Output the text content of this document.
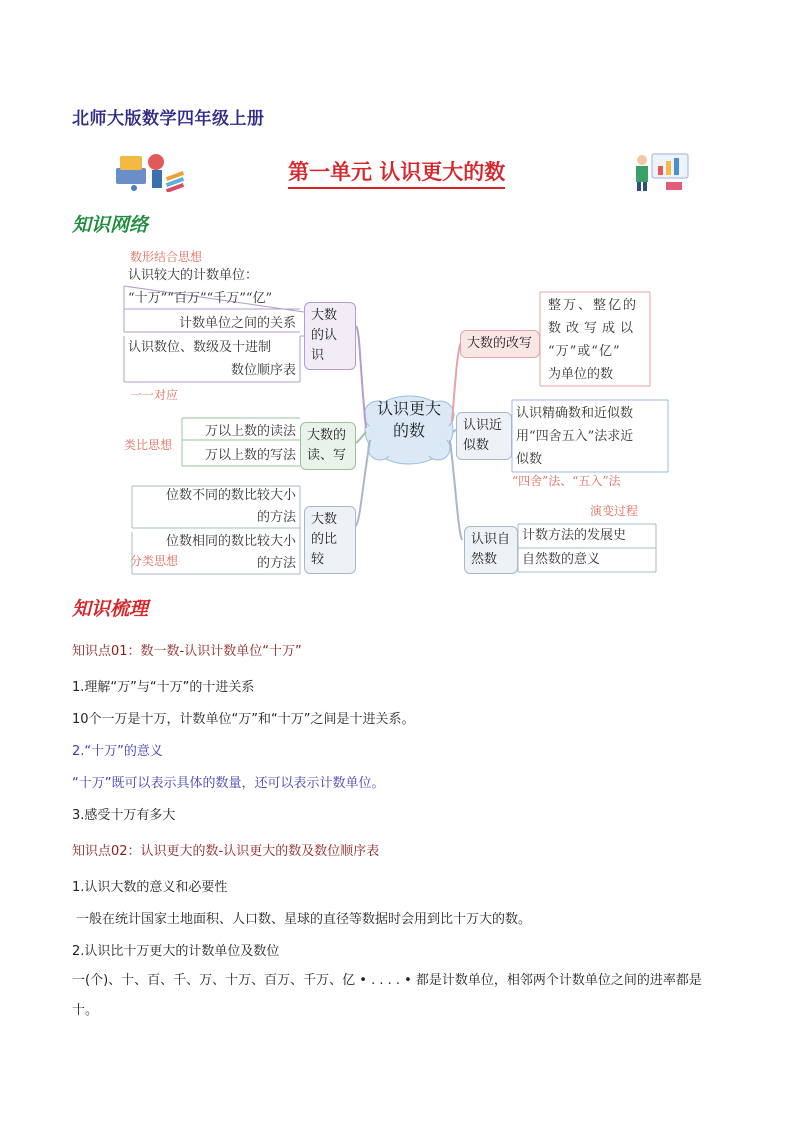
北师大版数学四年级上册
第一单元 认识更大的数
知识网络
数形结合思想
一一对应
类比思想
分类思想
“四舍”法、“五入”法
演变过程
认识较大的计数单位：
“十万”“百万”“千万”“亿”
计数单位之间的关系
认识数位、数级及十进制
数位顺序表
万以上数的读法
万以上数的写法
位数不同的数比较大小
的方法
位数相同的数比较大小
的方法
整万、整亿的
数改写成以
“万”或“亿”
为单位的数
认识精确数和近似数
用“四舍五入”法求近
似数
计数方法的发展史
自然数的意义
大数的认识
大数的读、写
大数的比较
大数的改写
认识近似数
认识自然数
认识更大的数
知识梳理
知识点01：数一数-认识计数单位“十万”
1.理解“万”与“十万”的十进关系
10个一万是十万，计数单位“万”和“十万”之间是十进关系。
2.“十万”的意义
“十万”既可以表示具体的数量，还可以表示计数单位。
3.感受十万有多大
知识点02：认识更大的数-认识更大的数及数位顺序表
1.认识大数的意义和必要性
一般在统计国家土地面积、人口数、星球的直径等数据时会用到比十万大的数。
2.认识比十万更大的计数单位及数位
一(个)、十、百、千、万、十万、百万、千万、亿 • . . . . • 都是计数单位，相邻两个计数单位之间的进率都是十。
